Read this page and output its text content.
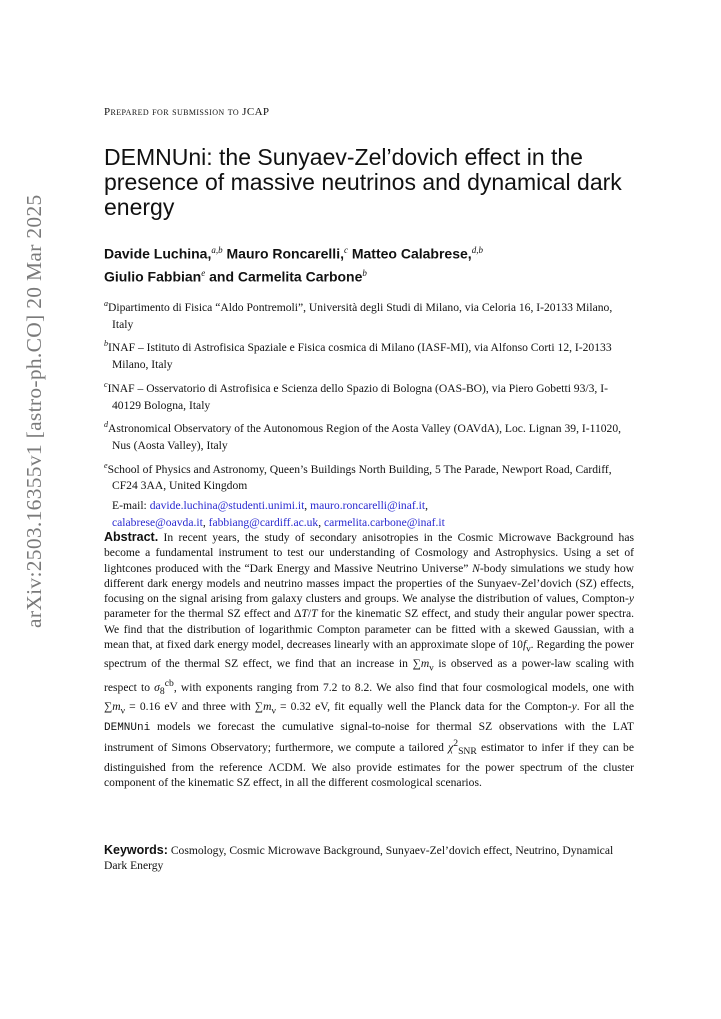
arXiv:2503.16355v1 [astro-ph.CO] 20 Mar 2025
Prepared for submission to JCAP
DEMNUni: the Sunyaev-Zel’dovich effect in the presence of massive neutrinos and dynamical dark energy
Davide Luchina,$^{a,b}$ Mauro Roncarelli,$^c$ Matteo Calabrese,$^{d,b}$
Giulio Fabbian$^e$ and Carmelita Carbone$^b$
$^a$Dipartimento di Fisica “Aldo Pontremoli”, Università degli Studi di Milano, via Celoria 16, I-20133 Milano, Italy
$^b$INAF – Istituto di Astrofisica Spaziale e Fisica cosmica di Milano (IASF-MI), via Alfonso Corti 12, I-20133 Milano, Italy
$^c$INAF – Osservatorio di Astrofisica e Scienza dello Spazio di Bologna (OAS-BO), via Piero Gobetti 93/3, I-40129 Bologna, Italy
$^d$Astronomical Observatory of the Autonomous Region of the Aosta Valley (OAVdA), Loc. Lignan 39, I-11020, Nus (Aosta Valley), Italy
$^e$School of Physics and Astronomy, Queen’s Buildings North Building, 5 The Parade, Newport Road, Cardiff, CF24 3AA, United Kingdom
E-mail: davide.luchina@studenti.unimi.it, mauro.roncarelli@inaf.it,
calabrese@oavda.it, fabbiang@cardiff.ac.uk, carmelita.carbone@inaf.it
Abstract. In recent years, the study of secondary anisotropies in the Cosmic Microwave Background has become a fundamental instrument to test our understanding of Cosmology and Astrophysics. Using a set of lightcones produced with the “Dark Energy and Massive Neutrino Universe” N-body simulations we study how different dark energy models and neutrino masses impact the properties of the Sunyaev-Zel’dovich (SZ) effects, focusing on the signal arising from galaxy clusters and groups. We analyse the distribution of values, Compton-y parameter for the thermal SZ effect and ΔT/T for the kinematic SZ effect, and study their angular power spectra. We find that the distribution of logarithmic Compton parameter can be fitted with a skewed Gaussian, with a mean that, at fixed dark energy model, decreases linearly with an approximate slope of $10f_\nu$. Regarding the power spectrum of the thermal SZ effect, we find that an increase in $\sum m_\nu$ is observed as a power-law scaling with respect to $\sigma_8^{cb}$, with exponents ranging from 7.2 to 8.2. We also find that four cosmological models, one with $\sum m_\nu = 0.16$ eV and three with $\sum m_\nu = 0.32$ eV, fit equally well the Planck data for the Compton-y. For all the DEMNUni models we forecast the cumulative signal-to-noise for thermal SZ observations with the LAT instrument of Simons Observatory; furthermore, we compute a tailored $\chi^2_{SNR}$ estimator to infer if they can be distinguished from the reference ΛCDM. We also provide estimates for the power spectrum of the cluster component of the kinematic SZ effect, in all the different cosmological scenarios.
Keywords: Cosmology, Cosmic Microwave Background, Sunyaev-Zel’dovich effect, Neutrino, Dynamical Dark Energy
